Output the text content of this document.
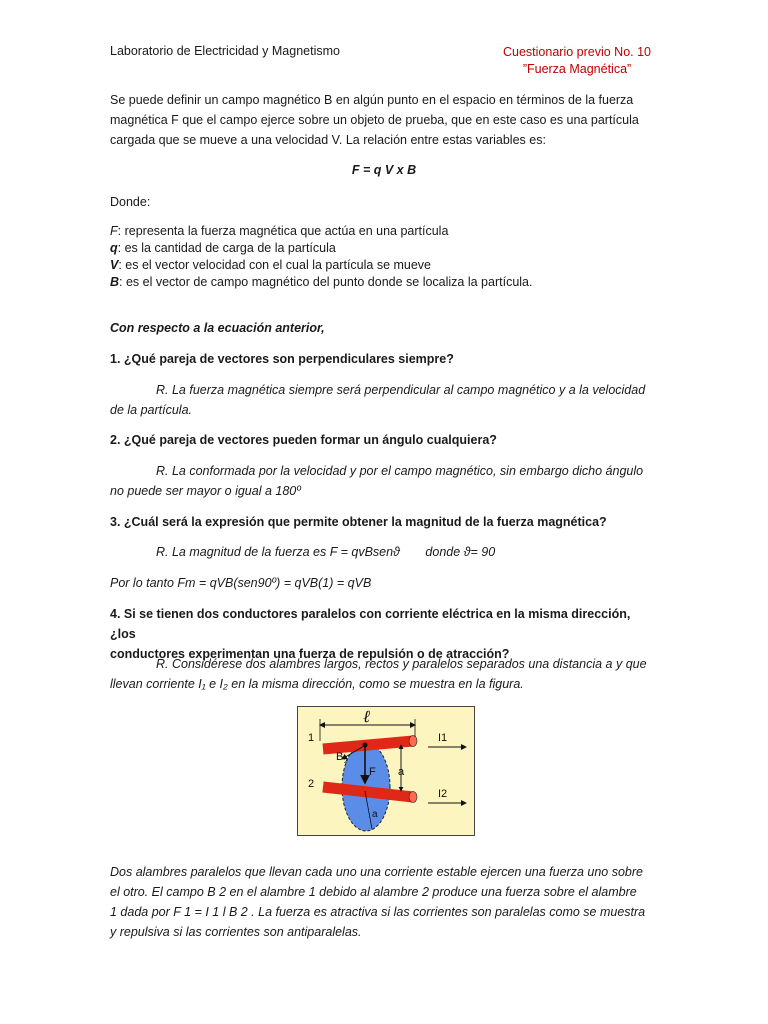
Laboratorio de Electricidad y Magnetismo	Cuestionario previo No. 10
”Fuerza Magnética”
Se puede definir un campo magnético B en algún punto en el espacio en términos de la fuerza
magnética F que el campo ejerce sobre un objeto de prueba, que en este caso es una partícula
cargada que se mueve a una velocidad V. La relación entre estas variables es:
F = q V x B
Donde:
F: representa la fuerza magnética que actúa en una partícula
q: es la cantidad de carga de la partícula
V: es el vector velocidad con el cual la partícula se mueve
B: es el vector de campo magnético del punto donde se localiza la partícula.
Con respecto a la ecuación anterior,
1. ¿Qué pareja de vectores son perpendiculares siempre?
R. La fuerza magnética siempre será perpendicular al campo magnético y a la velocidad
de la partícula.
2. ¿Qué pareja de vectores pueden formar un ángulo cualquiera?
R. La conformada por la velocidad y por el campo magnético, sin embargo dicho ángulo
no puede ser mayor o igual a 180º
3. ¿Cuál será la expresión que permite obtener la magnitud de la fuerza magnética?
R. La magnitud de la fuerza es F = qvBsenϑ donde ϑ= 90
Por lo tanto Fm = qVB(sen90º) = qVB(1) = qVB
4. Si se tienen dos conductores paralelos con corriente eléctrica en la misma dirección, ¿los
conductores experimentan una fuerza de repulsión o de atracción?
R. Considérese dos alambres largos, rectos y paralelos separados una distancia a y que
llevan corriente I₁ e I₂ en la misma dirección, como se muestra en la figura.
ℓ
1
2
I1
I2
B 2
F a
a
Dos alambres paralelos que llevan cada uno una corriente estable ejercen una fuerza uno sobre
el otro. El campo B 2 en el alambre 1 debido al alambre 2 produce una fuerza sobre el alambre
1 dada por F 1 = I 1 l B 2 . La fuerza es atractiva si las corrientes son paralelas como se muestra
y repulsiva si las corrientes son antiparalelas.
